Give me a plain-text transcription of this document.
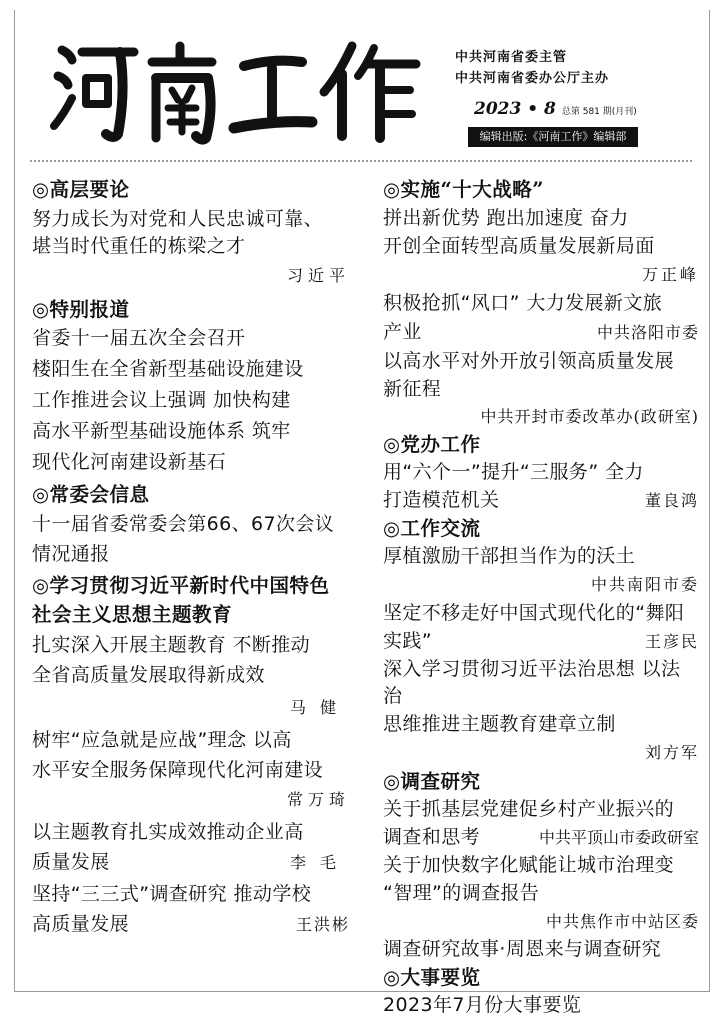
中共河南省委主管
中共河南省委办公厅主办
2023 • 8 总第 581 期(月刊)
编辑出版:《河南工作》编辑部
◎高层要论
努力成长为对党和人民忠诚可靠、
堪当时代重任的栋梁之才
习近平
◎特别报道
省委十一届五次全会召开
楼阳生在全省新型基础设施建设
工作推进会议上强调 加快构建
高水平新型基础设施体系 筑牢
现代化河南建设新基石
◎常委会信息
十一届省委常委会第66、67次会议
情况通报
◎学习贯彻习近平新时代中国特色
社会主义思想主题教育
扎实深入开展主题教育 不断推动
全省高质量发展取得新成效
马健
树牢“应急就是应战”理念 以高
水平安全服务保障现代化河南建设
常万琦
以主题教育扎实成效推动企业高
质量发展	李毛
坚持“三三式”调查研究 推动学校
高质量发展	王洪彬
◎实施“十大战略”
拼出新优势 跑出加速度 奋力
开创全面转型高质量发展新局面
万正峰
积极抢抓“风口” 大力发展新文旅
产业	中共洛阳市委
以高水平对外开放引领高质量发展
新征程
中共开封市委改革办(政研室)
◎党办工作
用“六个一”提升“三服务” 全力
打造模范机关	董良鸿
◎工作交流
厚植激励干部担当作为的沃土
中共南阳市委
坚定不移走好中国式现代化的“舞阳
实践”	王彦民
深入学习贯彻习近平法治思想 以法治
思维推进主题教育建章立制
刘方军
◎调查研究
关于抓基层党建促乡村产业振兴的
调查和思考	中共平顶山市委政研室
关于加快数字化赋能让城市治理变
“智理”的调查报告
中共焦作市中站区委
调查研究故事·周恩来与调查研究
◎大事要览
2023年7月份大事要览
